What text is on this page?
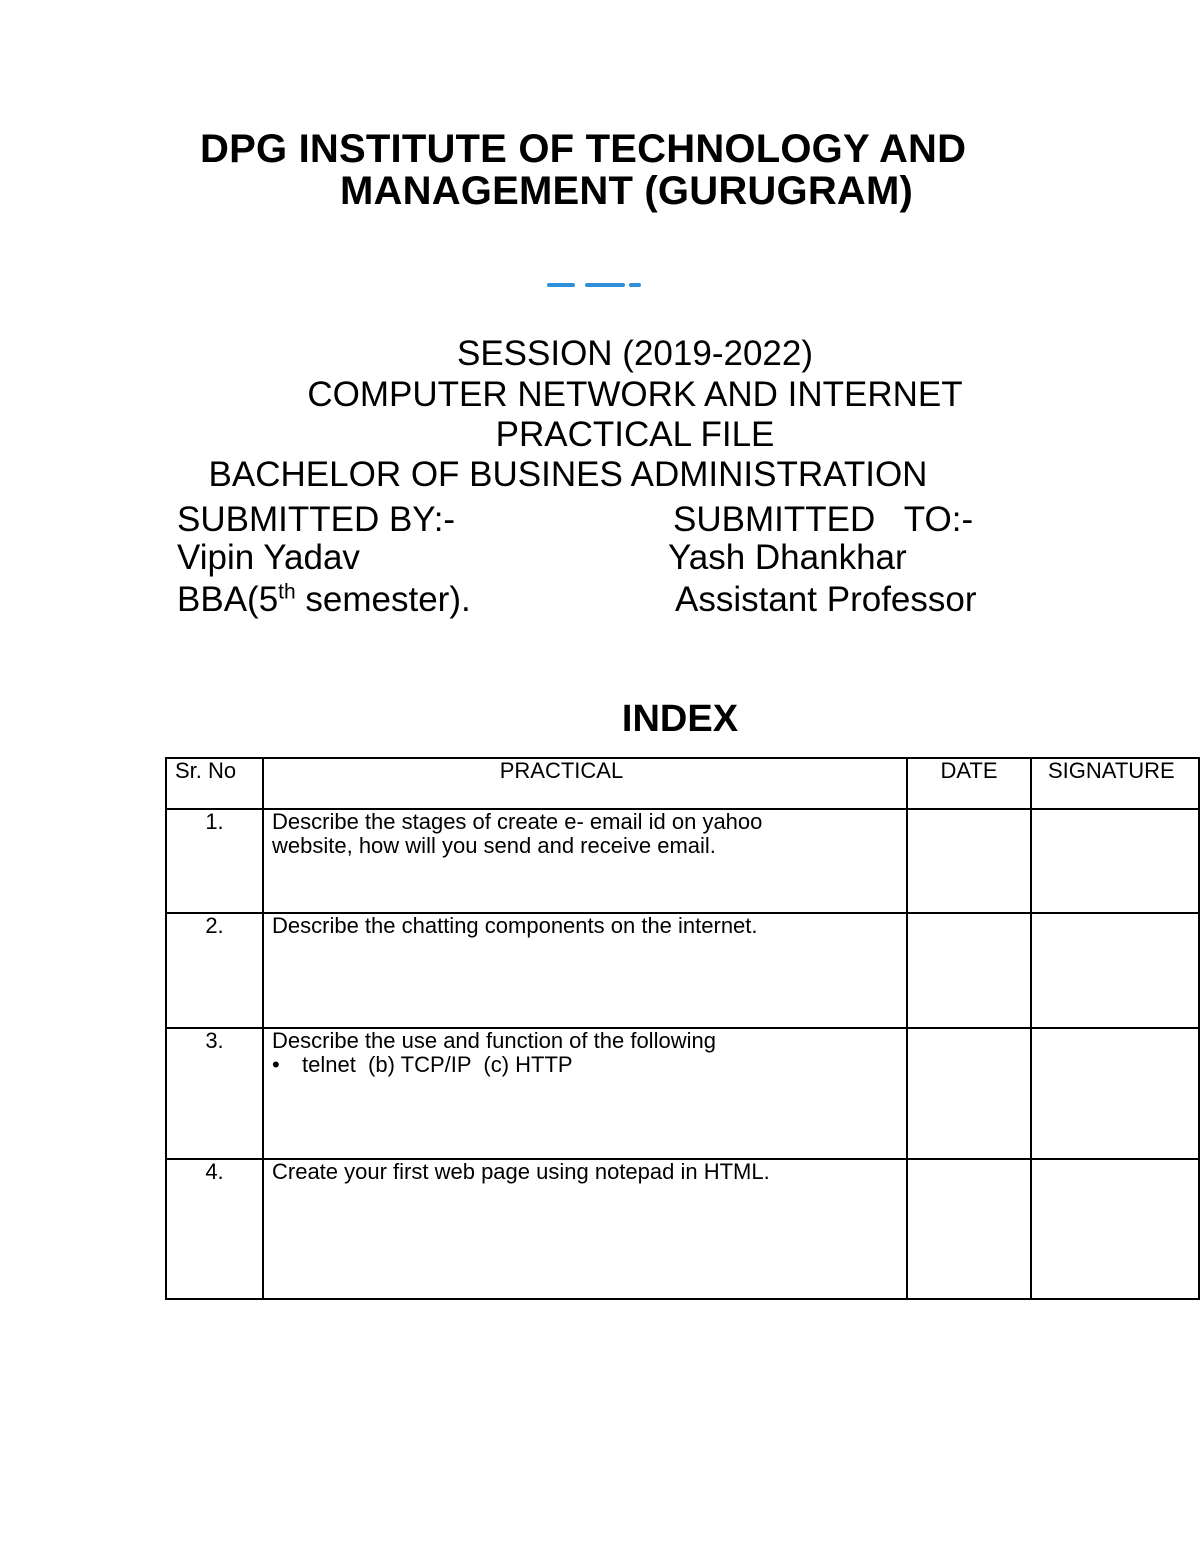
DPG INSTITUTE OF TECHNOLOGY AND
MANAGEMENT (GURUGRAM)
SESSION (2019-2022)
COMPUTER NETWORK AND INTERNET
PRACTICAL FILE
BACHELOR OF BUSINES ADMINISTRATION
SUBMITTED BY:-	SUBMITTED   TO:-
Vipin Yadav	Yash Dhankhar
BBA(5th semester).	Assistant Professor
INDEX
Sr. No	PRACTICAL	DATE	SIGNATURE

1.	Describe the stages of create e- email id on yahoo website, how will you send and receive email.		

2.	Describe the chatting components on the internet.		

3.	Describe the use and function of the following
• telnet  (b) TCP/IP  (c) HTTP		

4.	Create your first web page using notepad in HTML.		
